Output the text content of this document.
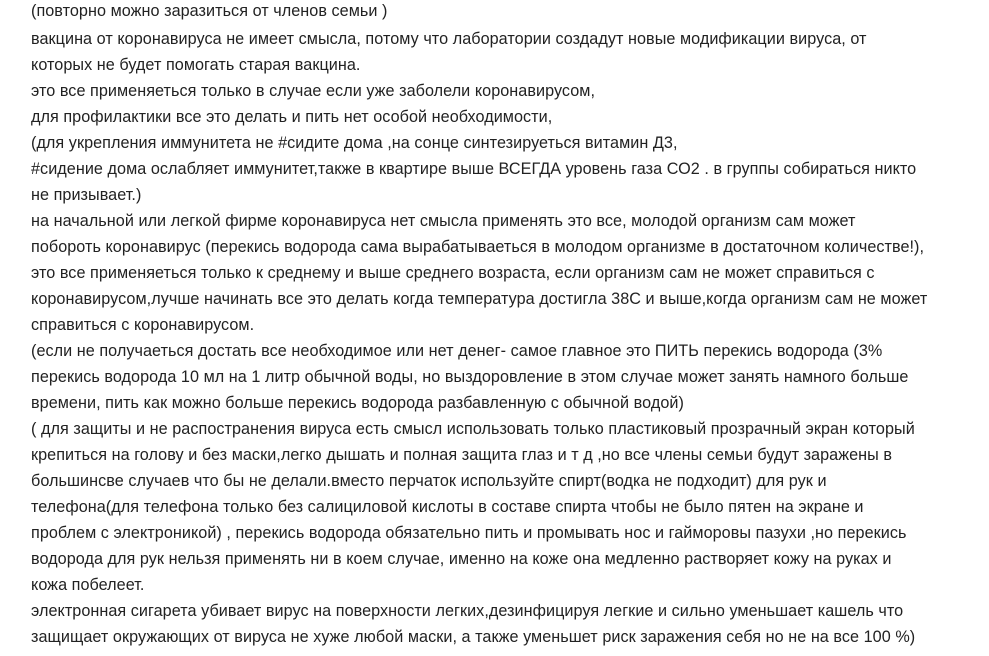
(повторно можно заразиться от членов семьи )
вакцина от коронавируса не имеет смысла, потому что лаборатории создадут новые модификации вируса, от
которых не будет помогать старая вакцина.
это все применяеться только в случае если уже заболели коронавирусом,
для профилактики все это делать и пить нет особой необходимости,
(для укрепления иммунитета не #сидите дома ,на сонце синтезируеться витамин Д3,
#сидение дома ослабляет иммунитет,также в квартире выше ВСЕГДА уровень газа СО2 . в группы собираться никто
не призывает.)
на начальной или легкой фирме коронавируса нет смысла применять это все, молодой организм сам может
побороть коронавирус (перекись водорода сама вырабатываеться в молодом организме в достаточном количестве!),
это все применяеться только к среднему и выше среднего возраста, если организм сам не может справиться с
коронавирусом,лучше начинать все это делать когда температура достигла 38С и выше,когда организм сам не может
справиться с коронавирусом.
(если не получаеться достать все необходимое или нет денег- самое главное это ПИТЬ перекись водорода (3%
перекись водорода 10 мл на 1 литр обычной воды, но выздоровление в этом случае может занять намного больше
времени, пить как можно больше перекись водорода разбавленную с обычной водой)
( для защиты и не распостранения вируса есть смысл использовать только пластиковый прозрачный экран который
крепиться на голову и без маски,легко дышать и полная защита глаз и т д ,но все члены семьи будут заражены в
большинсве случаев что бы не делали.вместо перчаток используйте спирт(водка не подходит) для рук и
телефона(для телефона только без салициловой кислоты в составе спирта чтобы не было пятен на экране и
проблем с электроникой) , перекись водорода обязательно пить и промывать нос и гайморовы пазухи ,но перекись
водорода для рук нельзя применять ни в коем случае, именно на коже она медленно растворяет кожу на руках и
кожа побелеет.
электронная сигарета убивает вирус на поверхности легких,дезинфицируя легкие и сильно уменьшает кашель что
защищает окружающих от вируса не хуже любой маски, а также уменьшет риск заражения себя но не на все 100 %)
